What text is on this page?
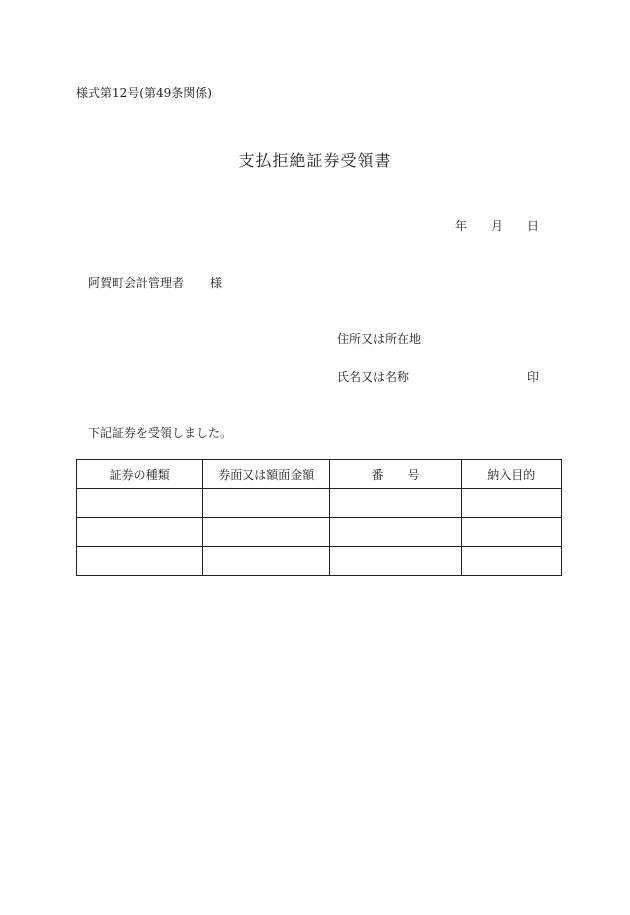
様式第12号(第49条関係)
支払拒絶証券受領書
年	月	日
阿賀町会計管理者 様
住所又は所在地
氏名又は名称	印
下記証券を受領しました。
証券の種類	券面又は額面金額	番　　号	納入目的
